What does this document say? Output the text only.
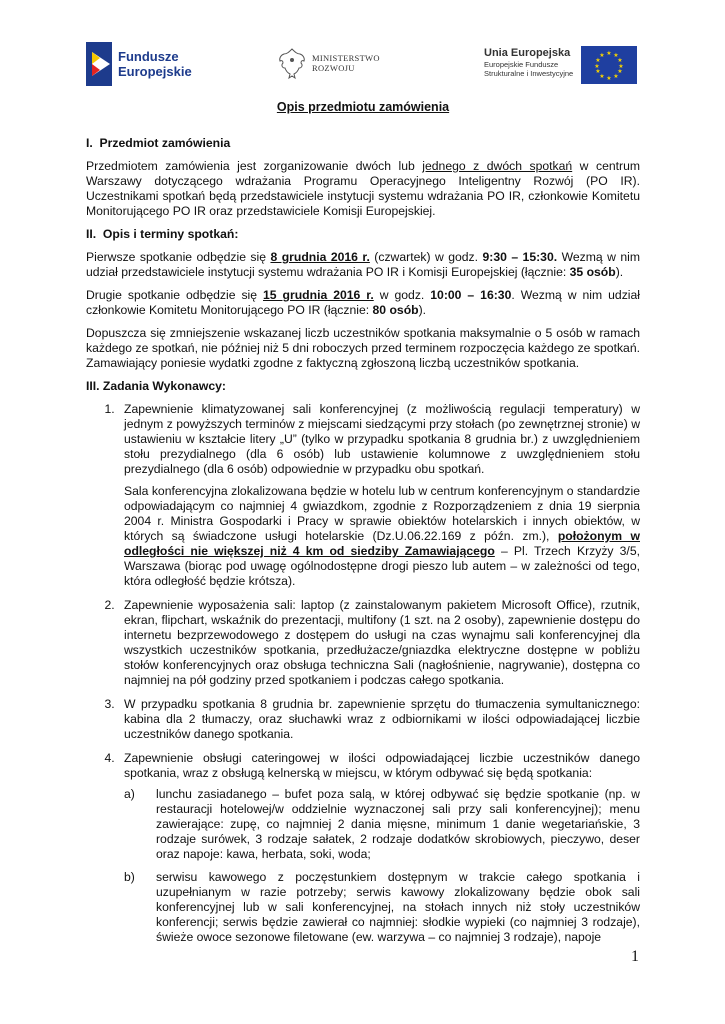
Fundusze
Europejskie
MINISTERSTWO
ROZWOJU
Unia Europejska
Europejskie Fundusze
Strukturalne i Inwestycyjne
★ ★
★
★
★
★
★
★
★
★
★
★
Opis przedmiotu zamówienia
I.  Przedmiot zamówienia

Przedmiotem zamówienia jest zorganizowanie dwóch lub jednego z dwóch spotkań w centrum Warszawy dotyczącego wdrażania Programu Operacyjnego Inteligentny Rozwój (PO IR). Uczestnikami spotkań będą przedstawiciele instytucji systemu wdrażania PO IR, członkowie Komitetu Monitorującego PO IR oraz przedstawiciele Komisji Europejskiej.

II.  Opis i terminy spotkań:

Pierwsze spotkanie odbędzie się 8 grudnia 2016 r. (czwartek) w godz. 9:30 – 15:30. Wezmą w nim udział przedstawiciele instytucji systemu wdrażania PO IR i Komisji Europejskiej (łącznie: 35 osób).

Drugie spotkanie odbędzie się 15 grudnia 2016 r. w godz. 10:00 – 16:30. Wezmą w nim udział członkowie Komitetu Monitorującego PO IR (łącznie: 80 osób).

Dopuszcza się zmniejszenie wskazanej liczb uczestników spotkania maksymalnie o 5 osób w ramach każdego ze spotkań, nie później niż 5 dni roboczych przed terminem rozpoczęcia każdego ze spotkań. Zamawiający poniesie wydatki zgodne z faktyczną zgłoszoną liczbą uczestników spotkania.

III. Zadania Wykonawcy:
1. Zapewnienie klimatyzowanej sali konferencyjnej (z możliwością regulacji temperatury) w jednym z powyższych terminów z miejscami siedzącymi przy stołach (po zewnętrznej stronie) w ustawieniu w kształcie litery „U” (tylko w przypadku spotkania 8 grudnia br.) z uwzględnieniem stołu prezydialnego (dla 6 osób) lub ustawienie kolumnowe z uwzględnieniem stołu prezydialnego (dla 6 osób) odpowiednie w przypadku obu spotkań.
Sala konferencyjna zlokalizowana będzie w hotelu lub w centrum konferencyjnym o standardzie odpowiadającym co najmniej 4 gwiazdkom, zgodnie z Rozporządzeniem z dnia 19 sierpnia 2004 r. Ministra Gospodarki i Pracy w sprawie obiektów hotelarskich i innych obiektów, w których są świadczone usługi hotelarskie (Dz.U.06.22.169 z późn. zm.), położonym w odległości nie większej niż 4 km od siedziby Zamawiającego – Pl. Trzech Krzyży 3/5, Warszawa (biorąc pod uwagę ogólnodostępne drogi pieszo lub autem – w zależności od tego, która odległość będzie krótsza).
2. Zapewnienie wyposażenia sali: laptop (z zainstalowanym pakietem Microsoft Office), rzutnik, ekran, flipchart, wskaźnik do prezentacji, multifony (1 szt. na 2 osoby), zapewnienie dostępu do internetu bezprzewodowego z dostępem do usługi na czas wynajmu sali konferencyjnej dla wszystkich uczestników spotkania, przedłużacze/gniazdka elektryczne dostępne w pobliżu stołów konferencyjnych oraz obsługa techniczna Sali (nagłośnienie, nagrywanie), dostępna co najmniej na pół godziny przed spotkaniem i podczas całego spotkania.
3. W przypadku spotkania 8 grudnia br. zapewnienie sprzętu do tłumaczenia symultanicznego: kabina dla 2 tłumaczy, oraz słuchawki wraz z odbiornikami w ilości odpowiadającej liczbie uczestników danego spotkania.
4. Zapewnienie obsługi cateringowej w ilości odpowiadającej liczbie uczestników danego spotkania, wraz z obsługą kelnerską w miejscu, w którym odbywać się będą spotkania:
a) lunchu zasiadanego – bufet poza salą, w której odbywać się będzie spotkanie (np. w restauracji hotelowej/w oddzielnie wyznaczonej sali przy sali konferencyjnej); menu zawierające: zupę, co najmniej 2 dania mięsne, minimum 1 danie wegetariańskie, 3 rodzaje surówek, 3 rodzaje sałatek, 2 rodzaje dodatków skrobiowych, pieczywo, deser oraz napoje: kawa, herbata, soki, woda;
b) serwisu kawowego z poczęstunkiem dostępnym w trakcie całego spotkania i uzupełnianym w razie potrzeby; serwis kawowy zlokalizowany będzie obok sali konferencyjnej lub w sali konferencyjnej, na stołach innych niż stoły uczestników konferencji; serwis będzie zawierał co najmniej: słodkie wypieki (co najmniej 3 rodzaje), świeże owoce sezonowe filetowane (ew. warzywa – co najmniej 3 rodzaje), napoje
1
